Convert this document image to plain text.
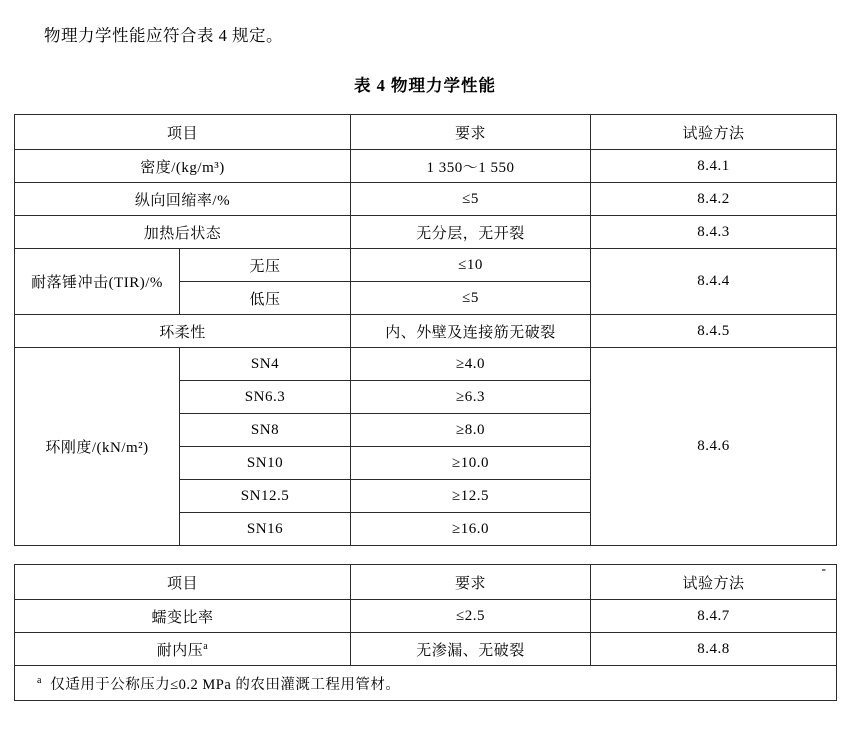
物理力学性能应符合表 4 规定。
表 4 物理力学性能
项目		要求	试验方法
密度/(kg/m³)		1 350～1 550	8.4.1
纵向回缩率/%		≤5	8.4.2
加热后状态		无分层，无开裂	8.4.3
耐落锤冲击(TIR)/%	无压	≤10	8.4.4
	低压	≤5	
环柔性		内、外壁及连接筋无破裂	8.4.5
环刚度/(kN/m²)	SN4	≥4.0	8.4.6
	SN6.3	≥6.3	
	SN8	≥8.0	
	SN10	≥10.0	
	SN12.5	≥12.5	
	SN16	≥16.0	
-
项目	要求	试验方法
蠕变比率	≤2.5	8.4.7
耐内压$^a$	无渗漏、无破裂	8.4.8
$^a$ 仅适用于公称压力≤0.2 MPa 的农田灌溉工程用管材。		
